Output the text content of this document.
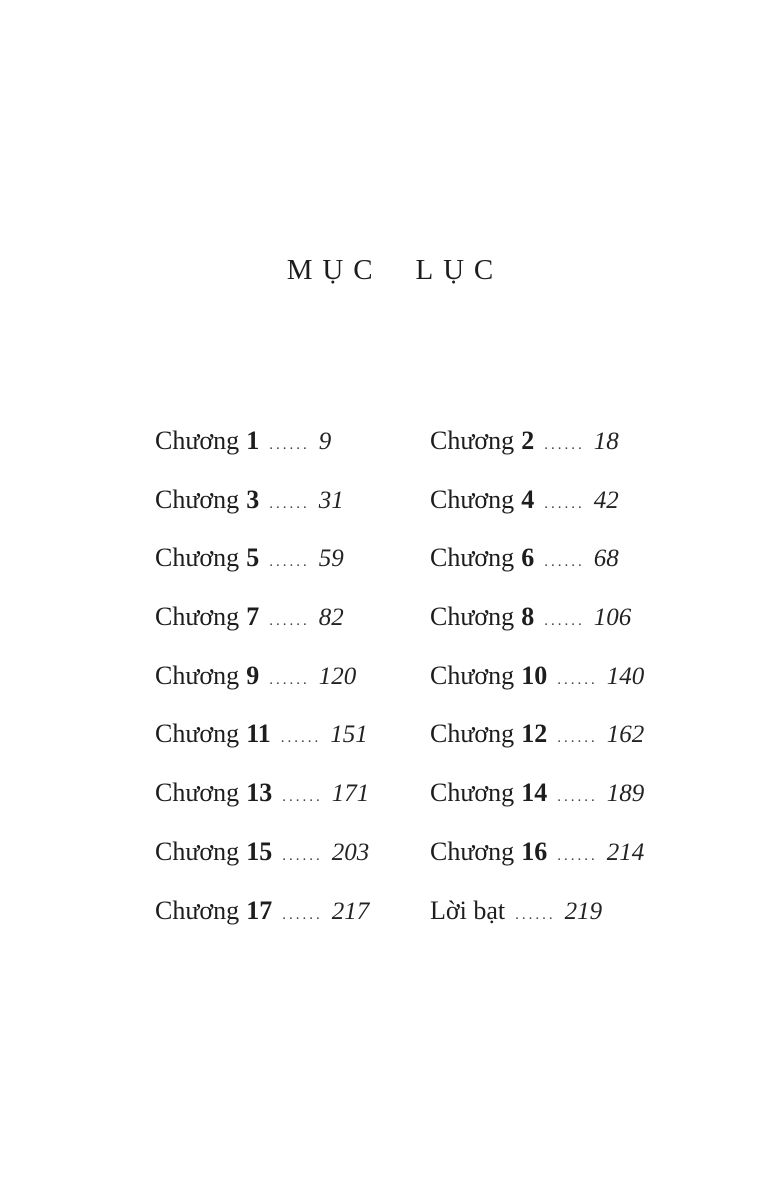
MỤC LỤC
Chương 1 ...... 9
Chương 3 ...... 31
Chương 5 ...... 59
Chương 7 ...... 82
Chương 9 ...... 120
Chương 11 ...... 151
Chương 13 ...... 171
Chương 15 ...... 203
Chương 17 ...... 217
Chương 2 ...... 18
Chương 4 ...... 42
Chương 6 ...... 68
Chương 8 ...... 106
Chương 10 ...... 140
Chương 12 ...... 162
Chương 14 ...... 189
Chương 16 ...... 214
Lời bạt ...... 219
